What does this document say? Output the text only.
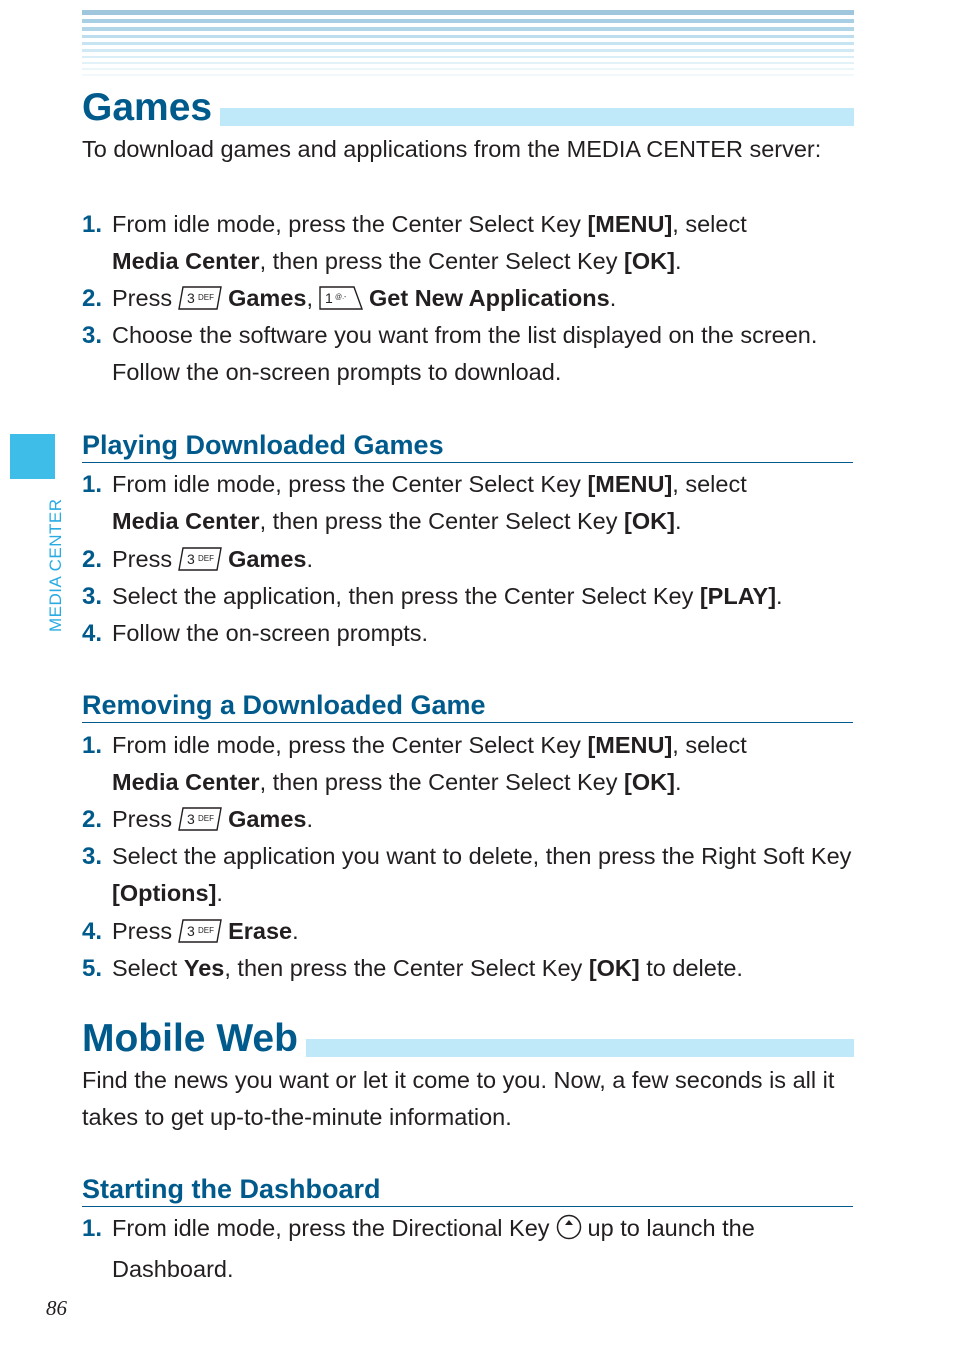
MEDIA CENTER
Games
To download games and applications from the MEDIA CENTER server:
1. From idle mode, press the Center Select Key [MENU], select
Media Center, then press the Center Select Key [OK].
2. Press 3 DEF Games, 1 @.- Get New Applications.
3. Choose the software you want from the list displayed on the screen. Follow the on-screen prompts to download.
Playing Downloaded Games
1. From idle mode, press the Center Select Key [MENU], select
Media Center, then press the Center Select Key [OK].
2. Press 3 DEF Games.
3. Select the application, then press the Center Select Key [PLAY].
4. Follow the on-screen prompts.
Removing a Downloaded Game
1. From idle mode, press the Center Select Key [MENU], select
Media Center, then press the Center Select Key [OK].
2. Press 3 DEF Games.
3. Select the application you want to delete, then press the Right Soft Key [Options].
4. Press 3 DEF Erase.
5. Select Yes, then press the Center Select Key [OK] to delete.
Mobile Web
Find the news you want or let it come to you. Now, a few seconds is all it takes to get up-to-the-minute information.
Starting the Dashboard
1. From idle mode, press the Directional Key up to launch the Dashboard.
86
